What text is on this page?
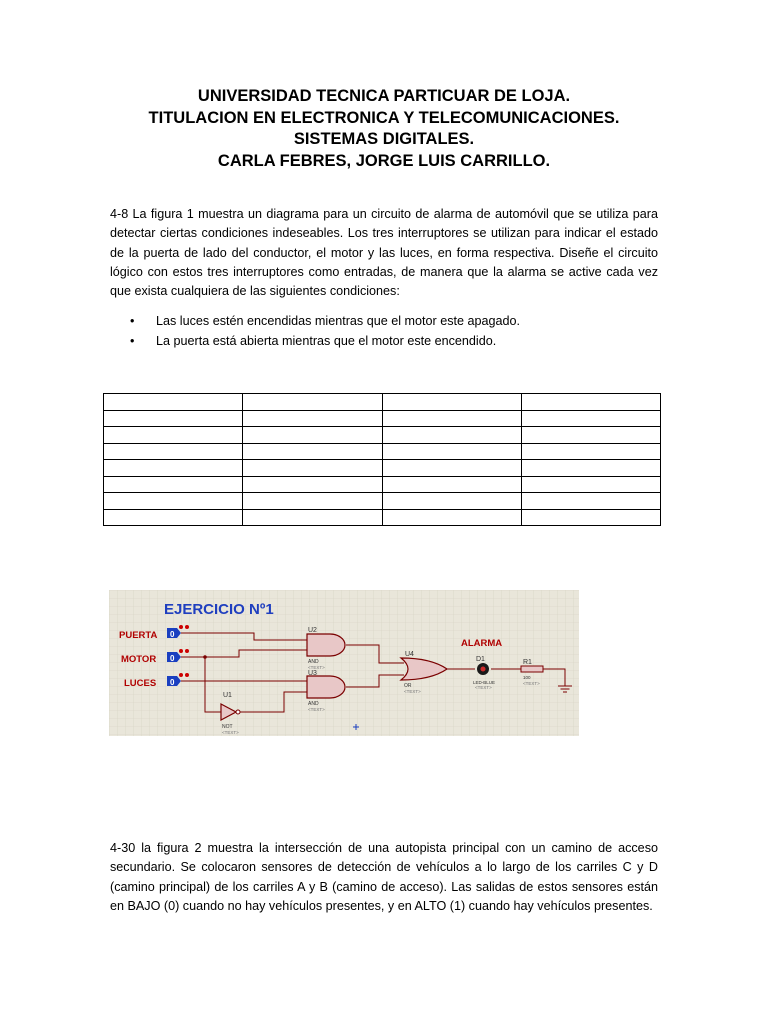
UNIVERSIDAD TECNICA PARTICUAR DE LOJA.
TITULACION EN ELECTRONICA Y TELECOMUNICACIONES.
SISTEMAS DIGITALES.
CARLA FEBRES, JORGE LUIS CARRILLO.
4-8 La figura 1 muestra un diagrama para un circuito de alarma de automóvil que se utiliza para detectar ciertas condiciones indeseables. Los tres interruptores se utilizan para indicar el estado de la puerta de lado del conductor, el motor y las luces, en forma respectiva. Diseñe el circuito lógico con estos tres interruptores como entradas, de manera que la alarma se active cada vez que exista cualquiera de las siguientes condiciones:
•	Las luces estén encendidas mientras que el motor este apagado.
•	La puerta está abierta mientras que el motor este encendido.

EJERCICIO Nº1
PUERTA
MOTOR
LUCES
0
0
0
U2
AND
<TEXT>
U3
AND
<TEXT>
U4
OR
<TEXT>
U1
NOT
<TEXT>
ALARMA
D1
LED-BLUE
<TEXT>
R1
100
<TEXT>
4-30 la figura 2 muestra la intersección de una autopista principal con un camino de acceso secundario. Se colocaron sensores de detección de vehículos a lo largo de los carriles C y D (camino principal) de los carriles A y B (camino de acceso). Las salidas de estos sensores están en BAJO (0) cuando no hay vehículos presentes, y en ALTO (1) cuando hay vehículos presentes.
